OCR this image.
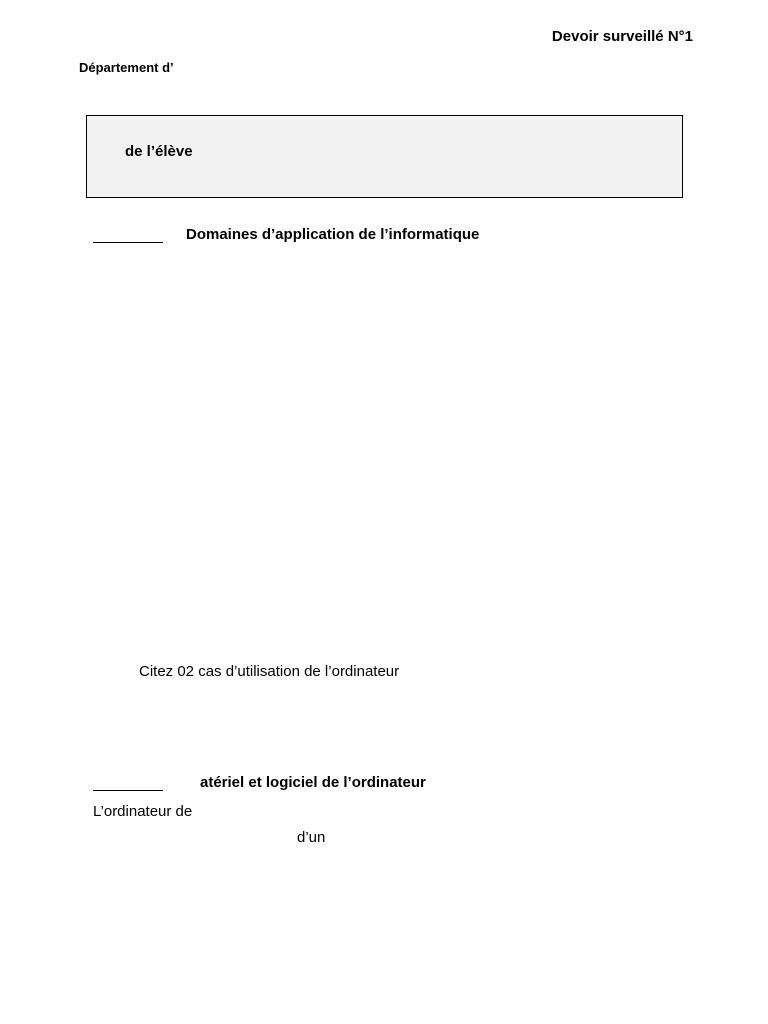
Devoir surveillé N°1
Département d’
de l’élève
Domaines d’application de l’informatique
Citez 02 cas d’utilisation de l’ordinateur
atériel et logiciel de l’ordinateur
L’ordinateur de
d’un
